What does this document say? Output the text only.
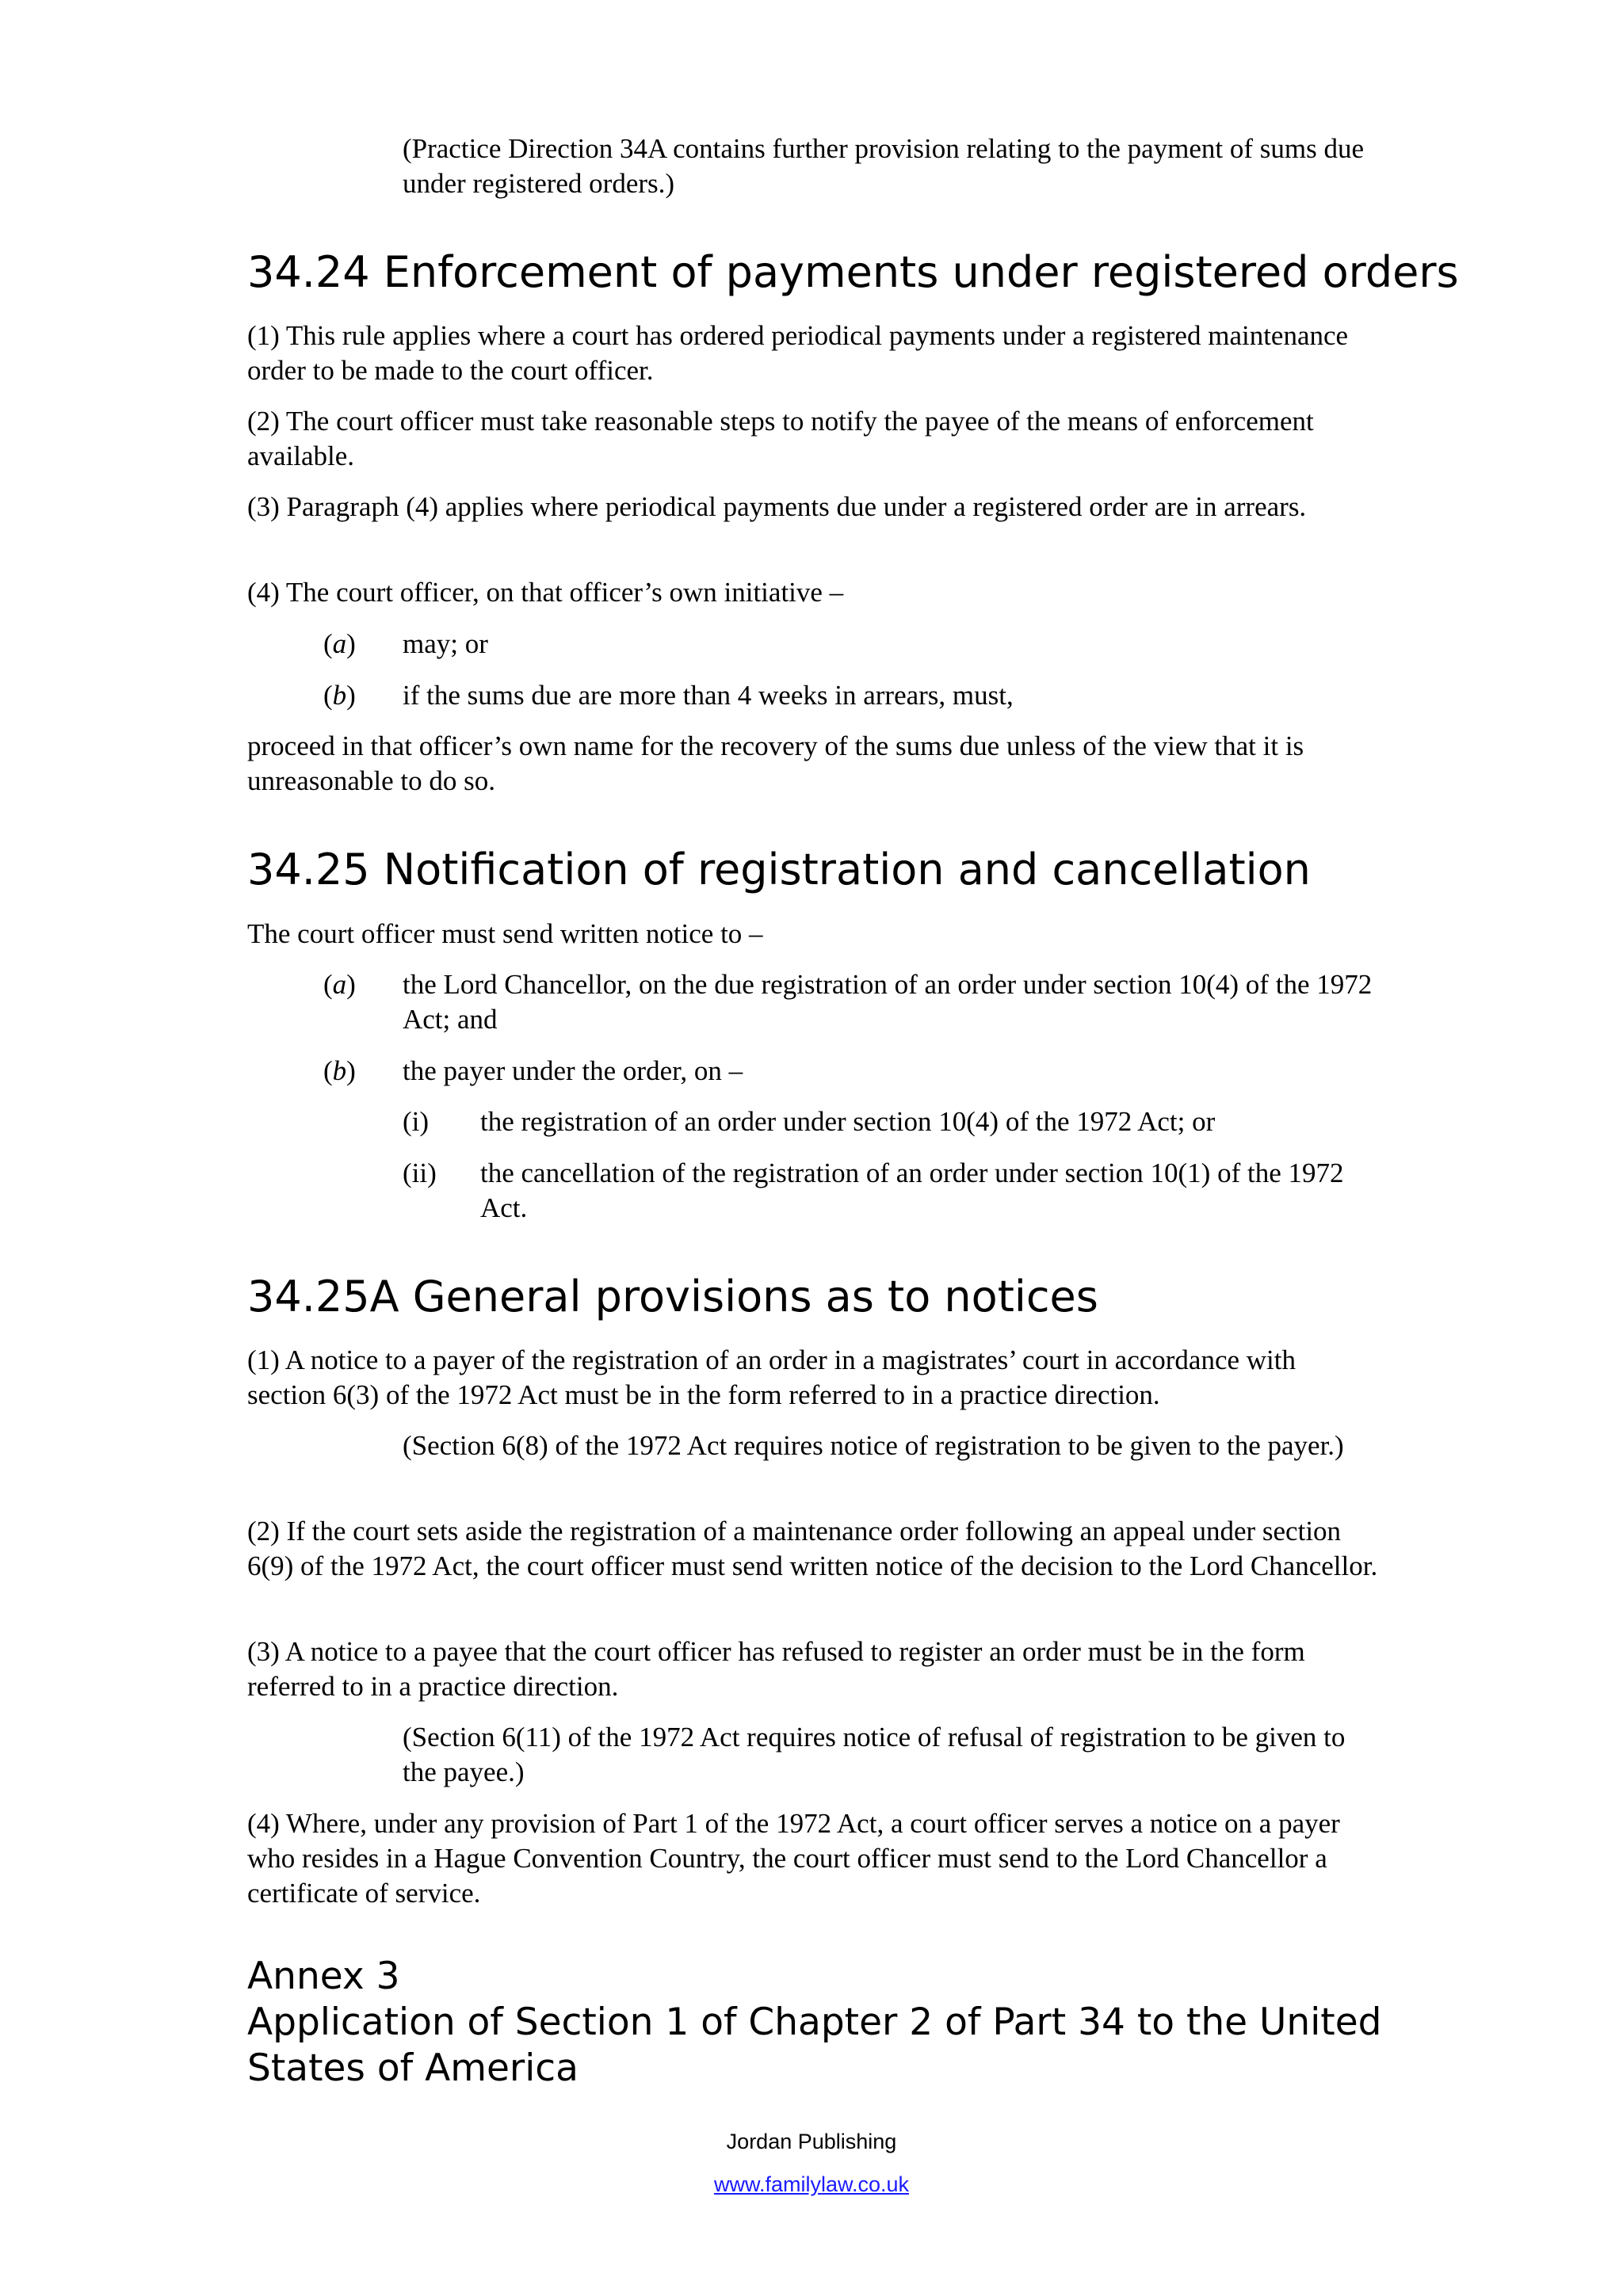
(Practice Direction 34A contains further provision relating to the payment of sums due under registered orders.)

34.24 Enforcement of payments under registered orders

(1) This rule applies where a court has ordered periodical payments under a registered maintenance order to be made to the court officer.

(2) The court officer must take reasonable steps to notify the payee of the means of enforcement available.

(3) Paragraph (4) applies where periodical payments due under a registered order are in arrears.

(4) The court officer, on that officer’s own initiative –

(a) may; or

(b) if the sums due are more than 4 weeks in arrears, must,

proceed in that officer’s own name for the recovery of the sums due unless of the view that it is unreasonable to do so.

34.25 Notification of registration and cancellation

The court officer must send written notice to –

(a) the Lord Chancellor, on the due registration of an order under section 10(4) of the 1972 Act; and

(b) the payer under the order, on –

(i) the registration of an order under section 10(4) of the 1972 Act; or

(ii) the cancellation of the registration of an order under section 10(1) of the 1972 Act.

34.25A General provisions as to notices

(1) A notice to a payer of the registration of an order in a magistrates’ court in accordance with section 6(3) of the 1972 Act must be in the form referred to in a practice direction.

(Section 6(8) of the 1972 Act requires notice of registration to be given to the payer.)

(2) If the court sets aside the registration of a maintenance order following an appeal under section 6(9) of the 1972 Act, the court officer must send written notice of the decision to the Lord Chancellor.

(3) A notice to a payee that the court officer has refused to register an order must be in the form referred to in a practice direction.

(Section 6(11) of the 1972 Act requires notice of refusal of registration to be given to the payee.)

(4) Where, under any provision of Part 1 of the 1972 Act, a court officer serves a notice on a payer who resides in a Hague Convention Country, the court officer must send to the Lord Chancellor a certificate of service.

Annex 3
Application of Section 1 of Chapter 2 of Part 34 to the United States of America
Jordan Publishing
www.familylaw.co.uk
